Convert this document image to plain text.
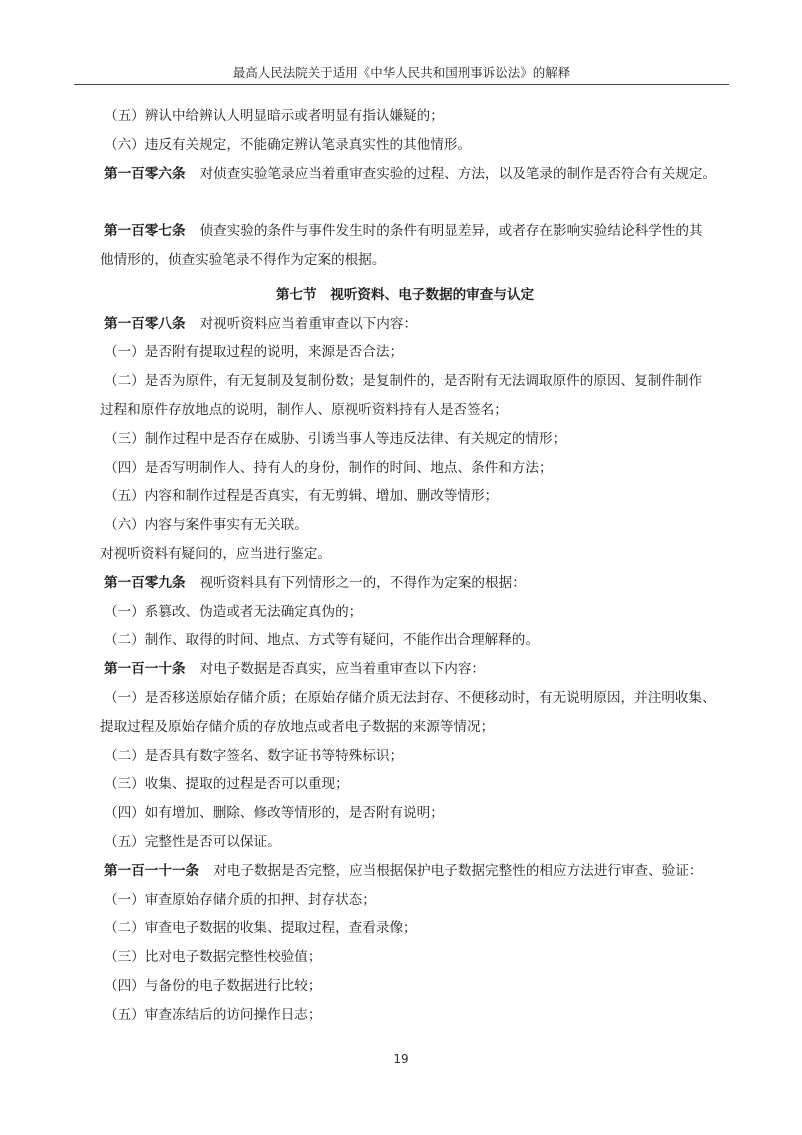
最高人民法院关于适用《中华人民共和国刑事诉讼法》的解释

（五）辨认中给辨认人明显暗示或者明显有指认嫌疑的；

（六）违反有关规定，不能确定辨认笔录真实性的其他情形。

第一百零六条 对侦查实验笔录应当着重审查实验的过程、方法，以及笔录的制作是否符合有关规定。

第一百零七条 侦查实验的条件与事件发生时的条件有明显差异，或者存在影响实验结论科学性的其

他情形的，侦查实验笔录不得作为定案的根据。

第七节　视听资料、电子数据的审查与认定

第一百零八条 对视听资料应当着重审查以下内容：

（一）是否附有提取过程的说明，来源是否合法；

（二）是否为原件，有无复制及复制份数；是复制件的，是否附有无法调取原件的原因、复制件制作

过程和原件存放地点的说明，制作人、原视听资料持有人是否签名；

（三）制作过程中是否存在威胁、引诱当事人等违反法律、有关规定的情形；

（四）是否写明制作人、持有人的身份，制作的时间、地点、条件和方法；

（五）内容和制作过程是否真实，有无剪辑、增加、删改等情形；

（六）内容与案件事实有无关联。

对视听资料有疑问的，应当进行鉴定。

第一百零九条 视听资料具有下列情形之一的，不得作为定案的根据：

（一）系篡改、伪造或者无法确定真伪的；

（二）制作、取得的时间、地点、方式等有疑问，不能作出合理解释的。

第一百一十条 对电子数据是否真实，应当着重审查以下内容：

（一）是否移送原始存储介质；在原始存储介质无法封存、不便移动时，有无说明原因，并注明收集、

提取过程及原始存储介质的存放地点或者电子数据的来源等情况；

（二）是否具有数字签名、数字证书等特殊标识；

（三）收集、提取的过程是否可以重现；

（四）如有增加、删除、修改等情形的，是否附有说明；

（五）完整性是否可以保证。

第一百一十一条 对电子数据是否完整，应当根据保护电子数据完整性的相应方法进行审查、验证：

（一）审查原始存储介质的扣押、封存状态；

（二）审查电子数据的收集、提取过程，查看录像；

（三）比对电子数据完整性校验值；

（四）与备份的电子数据进行比较；

（五）审查冻结后的访问操作日志；

19
